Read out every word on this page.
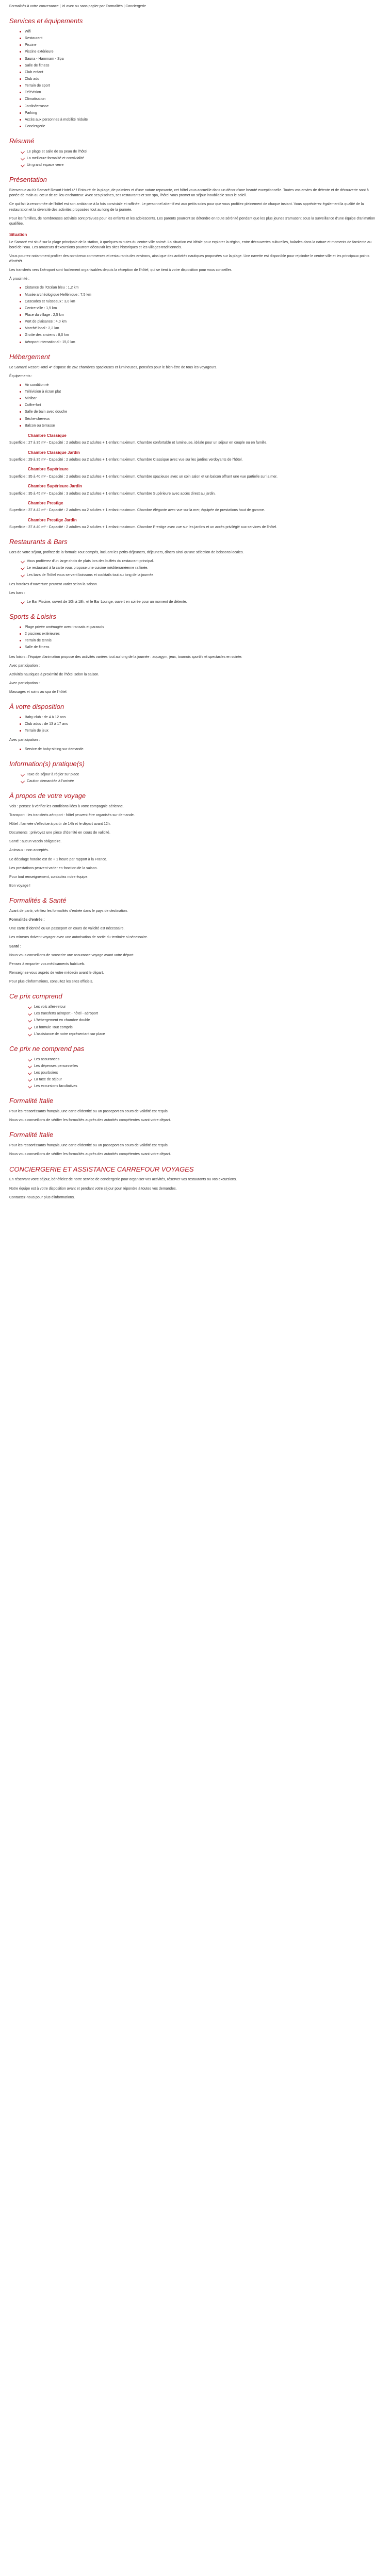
Formalités à votre convenance | Ici avec ou sans papier par Formalités | Conciergerie

Services et équipements
Wifi
Restaurant
Piscine
Piscine extérieure
Sauna - Hammam - Spa
Salle de fitness
Club enfant
Club ado
Terrain de sport
Télévision
Climatisation
Jardin/terrasse
Parking
Accès aux personnes à mobilité réduite
Conciergerie
Résumé
Le plage et salle de sa peau de l'hôtel
La meilleure formalité et convivialité
Un grand espace verre
Présentation

Bienvenue au Kr Samaré Resort Hotel 4* ! Entouré de la plage, de palmiers et d'une nature reposante, cet hôtel vous accueille dans un décor d'une beauté exceptionnelle. Toutes vos envies de détente et de découverte sont à portée de main au cœur de ce lieu enchanteur. Avec ses piscines, ses restaurants et son spa, l'hôtel vous promet un séjour inoubliable sous le soleil.

Ce qui fait la renommée de l'hôtel est son ambiance à la fois conviviale et raffinée. Le personnel attentif est aux petits soins pour que vous profitiez pleinement de chaque instant. Vous apprécierez également la qualité de la restauration et la diversité des activités proposées tout au long de la journée.

Pour les familles, de nombreuses activités sont prévues pour les enfants et les adolescents. Les parents pourront se détendre en toute sérénité pendant que les plus jeunes s'amusent sous la surveillance d'une équipe d'animation qualifiée.

Situation

Le Samaré est situé sur la plage principale de la station, à quelques minutes du centre-ville animé. La situation est idéale pour explorer la région, entre découvertes culturelles, balades dans la nature et moments de farniente au bord de l'eau. Les amateurs d'excursions pourront découvrir les sites historiques et les villages traditionnels.

Vous pourrez notamment profiter des nombreux commerces et restaurants des environs, ainsi que des activités nautiques proposées sur la plage. Une navette est disponible pour rejoindre le centre-ville et les principaux points d'intérêt.

Les transferts vers l'aéroport sont facilement organisables depuis la réception de l'hôtel, qui se tient à votre disposition pour vous conseiller.

À proximité :

Distance de l'Océan bleu : 1,2 km
Musée archéologique Hellénique : 7,5 km
Cascades et ruisseaux : 3,0 km
Centre-ville : 1,5 km
Place du village : 2,5 km
Port de plaisance : 4,0 km
Marché local : 2,2 km
Grotte des anciens : 8,0 km
Aéroport international : 15,0 km
Hébergement

Le Samaré Resort Hotel 4* dispose de 262 chambres spacieuses et lumineuses, pensées pour le bien-être de tous les voyageurs.

Équipements :

Air conditionné
Télévision à écran plat
Minibar
Coffre-fort
Salle de bain avec douche
Sèche-cheveux
Balcon ou terrasse
Chambre Classique

Superficie : 27 à 35 m² - Capacité : 2 adultes ou 2 adultes + 1 enfant maximum. Chambre confortable et lumineuse, idéale pour un séjour en couple ou en famille.

Chambre Classique Jardin

Superficie : 29 à 35 m² - Capacité : 2 adultes ou 2 adultes + 1 enfant maximum. Chambre Classique avec vue sur les jardins verdoyants de l'hôtel.

Chambre Supérieure

Superficie : 35 à 40 m² - Capacité : 2 adultes ou 2 adultes + 1 enfant maximum. Chambre spacieuse avec un coin salon et un balcon offrant une vue partielle sur la mer.

Chambre Supérieure Jardin

Superficie : 35 à 45 m² - Capacité : 3 adultes ou 2 adultes + 1 enfant maximum. Chambre Supérieure avec accès direct au jardin.

Chambre Prestige

Superficie : 37 à 42 m² - Capacité : 2 adultes ou 2 adultes + 1 enfant maximum. Chambre élégante avec vue sur la mer, équipée de prestations haut de gamme.

Chambre Prestige Jardin

Superficie : 37 à 40 m² - Capacité : 2 adultes ou 2 adultes + 1 enfant maximum. Chambre Prestige avec vue sur les jardins et un accès privilégié aux services de l'hôtel.

Restaurants & Bars

Lors de votre séjour, profitez de la formule Tout compris, incluant les petits-déjeuners, déjeuners, dîners ainsi qu'une sélection de boissons locales.

Vous profiterez d'un large choix de plats lors des buffets du restaurant principal.
Le restaurant à la carte vous propose une cuisine méditerranéenne raffinée.
Les bars de l'hôtel vous servent boissons et cocktails tout au long de la journée.

Les horaires d'ouverture peuvent varier selon la saison.

Les bars :

Le Bar Piscine, ouvert de 10h à 18h, et le Bar Lounge, ouvert en soirée pour un moment de détente.
Sports & Loisirs
Plage privée aménagée avec transats et parasols
2 piscines extérieures
Terrain de tennis
Salle de fitness

Les loisirs : l'équipe d'animation propose des activités variées tout au long de la journée : aquagym, jeux, tournois sportifs et spectacles en soirée.

Avec participation :

Activités nautiques à proximité de l'hôtel selon la saison.

Avec participation :

Massages et soins au spa de l'hôtel.

À votre disposition
Baby-club : de 4 à 12 ans
Club ados : de 13 à 17 ans
Terrain de jeux

Avec participation :

Service de baby-sitting sur demande.
Information(s) pratique(s)
Taxe de séjour à régler sur place
Caution demandée à l'arrivée
À propos de votre voyage

Vols : pensez à vérifier les conditions liées à votre compagnie aérienne.

Transport : les transferts aéroport - hôtel peuvent être organisés sur demande.

Hôtel : l'arrivée s'effectue à partir de 14h et le départ avant 12h.

Documents : prévoyez une pièce d'identité en cours de validité.

Santé : aucun vaccin obligatoire.

Animaux : non acceptés.

Le décalage horaire est de + 1 heure par rapport à la France.

Les prestations peuvent varier en fonction de la saison.

Pour tout renseignement, contactez notre équipe.

Bon voyage !

Formalités & Santé

Avant de partir, vérifiez les formalités d'entrée dans le pays de destination.

Formalités d'entrée :

Une carte d'identité ou un passeport en cours de validité est nécessaire.

Les mineurs doivent voyager avec une autorisation de sortie du territoire si nécessaire.

Santé :

Nous vous conseillons de souscrire une assurance voyage avant votre départ.

Pensez à emporter vos médicaments habituels.

Renseignez-vous auprès de votre médecin avant le départ.

Pour plus d'informations, consultez les sites officiels.

Ce prix comprend
Les vols aller-retour
Les transferts aéroport - hôtel - aéroport
L'hébergement en chambre double
La formule Tout compris
L'assistance de notre représentant sur place
Ce prix ne comprend pas
Les assurances
Les dépenses personnelles
Les pourboires
La taxe de séjour
Les excursions facultatives
Formalité Italie

Pour les ressortissants français, une carte d'identité ou un passeport en cours de validité est requis.

Nous vous conseillons de vérifier les formalités auprès des autorités compétentes avant votre départ.

Formalité Italie

Pour les ressortissants français, une carte d'identité ou un passeport en cours de validité est requis.

Nous vous conseillons de vérifier les formalités auprès des autorités compétentes avant votre départ.

CONCIERGERIE ET ASSISTANCE CARREFOUR VOYAGES

En réservant votre séjour, bénéficiez de notre service de conciergerie pour organiser vos activités, réserver vos restaurants ou vos excursions.

Notre équipe est à votre disposition avant et pendant votre séjour pour répondre à toutes vos demandes.

Contactez-nous pour plus d'informations.
